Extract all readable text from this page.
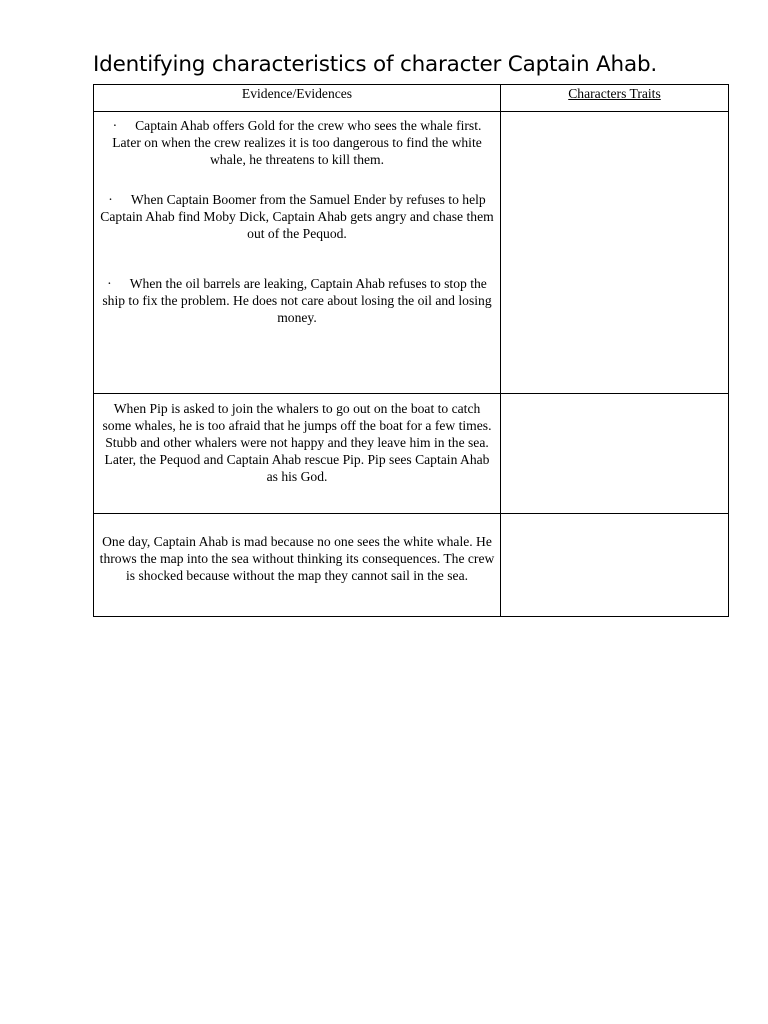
Identifying characteristics of character Captain Ahab.
Evidence/Evidences	Characters Traits

· Captain Ahab offers Gold for the crew who sees the whale first. Later on when the crew realizes it is too dangerous to find the white whale, he threatens to kill them.

· When Captain Boomer from the Samuel Ender by refuses to help Captain Ahab find Moby Dick, Captain Ahab gets angry and chase them out of the Pequod.

· When the oil barrels are leaking, Captain Ahab refuses to stop the ship to fix the problem. He does not care about losing the oil and losing money.	

When Pip is asked to join the whalers to go out on the boat to catch some whales, he is too afraid that he jumps off the boat for a few times. Stubb and other whalers were not happy and they leave him in the sea. Later, the Pequod and Captain Ahab rescue Pip. Pip sees Captain Ahab as his God.	

One day, Captain Ahab is mad because no one sees the white whale. He throws the map into the sea without thinking its consequences. The crew is shocked because without the map they cannot sail in the sea.	
